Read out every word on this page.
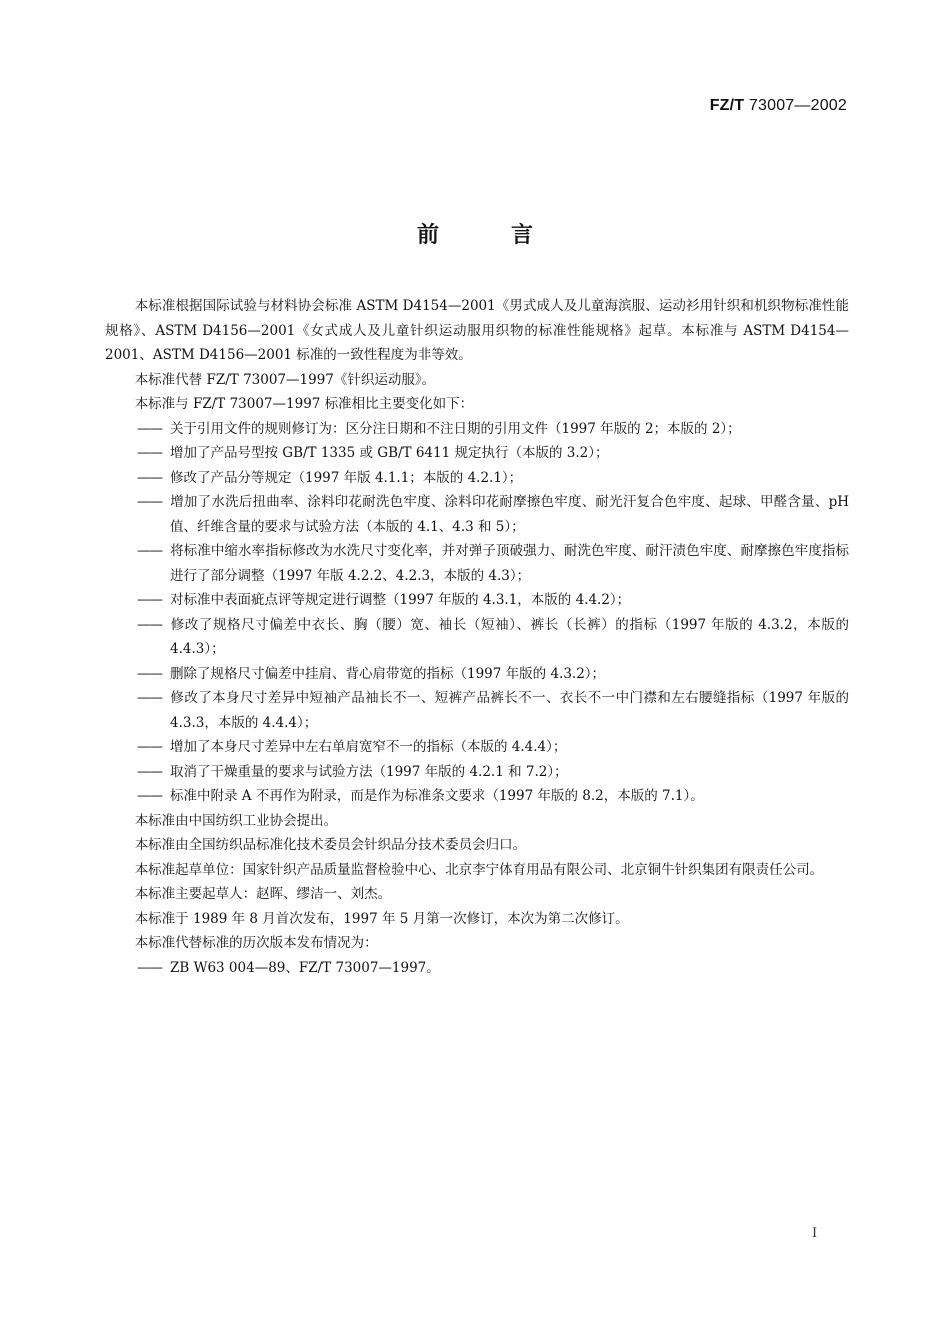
FZ/T 73007—2002
前言

本标准根据国际试验与材料协会标准 ASTM D4154—2001《男式成人及儿童海滨服、运动衫用针织和机织物标准性能规格》、ASTM D4156—2001《女式成人及儿童针织运动服用织物的标准性能规格》起草。本标准与 ASTM D4154—2001、ASTM D4156—2001 标准的一致性程度为非等效。

本标准代替 FZ/T 73007—1997《针织运动服》。

本标准与 FZ/T 73007—1997 标准相比主要变化如下：

—— 关于引用文件的规则修订为：区分注日期和不注日期的引用文件（1997 年版的 2；本版的 2）；

—— 增加了产品号型按 GB/T 1335 或 GB/T 6411 规定执行（本版的 3.2）；

—— 修改了产品分等规定（1997 年版 4.1.1；本版的 4.2.1）；

—— 增加了水洗后扭曲率、涂料印花耐洗色牢度、涂料印花耐摩擦色牢度、耐光汗复合色牢度、起球、甲醛含量、pH 值、纤维含量的要求与试验方法（本版的 4.1、4.3 和 5）；

—— 将标准中缩水率指标修改为水洗尺寸变化率，并对弹子顶破强力、耐洗色牢度、耐汗渍色牢度、耐摩擦色牢度指标进行了部分调整（1997 年版 4.2.2、4.2.3，本版的 4.3）；

—— 对标准中表面疵点评等规定进行调整（1997 年版的 4.3.1，本版的 4.4.2）；

—— 修改了规格尺寸偏差中衣长、胸（腰）宽、袖长（短袖）、裤长（长裤）的指标（1997 年版的 4.3.2，本版的 4.4.3）；

—— 删除了规格尺寸偏差中挂肩、背心肩带宽的指标（1997 年版的 4.3.2）；

—— 修改了本身尺寸差异中短袖产品袖长不一、短裤产品裤长不一、衣长不一中门襟和左右腰缝指标（1997 年版的 4.3.3，本版的 4.4.4）；

—— 增加了本身尺寸差异中左右单肩宽窄不一的指标（本版的 4.4.4）；

—— 取消了干燥重量的要求与试验方法（1997 年版的 4.2.1 和 7.2）；

—— 标准中附录 A 不再作为附录，而是作为标准条文要求（1997 年版的 8.2，本版的 7.1）。

本标准由中国纺织工业协会提出。

本标准由全国纺织品标准化技术委员会针织品分技术委员会归口。

本标准起草单位：国家针织产品质量监督检验中心、北京李宁体育用品有限公司、北京铜牛针织集团有限责任公司。

本标准主要起草人：赵晖、缪洁一、刘杰。

本标准于 1989 年 8 月首次发布，1997 年 5 月第一次修订，本次为第二次修订。

本标准代替标准的历次版本发布情况为：

—— ZB W63 004—89、FZ/T 73007—1997。

I
